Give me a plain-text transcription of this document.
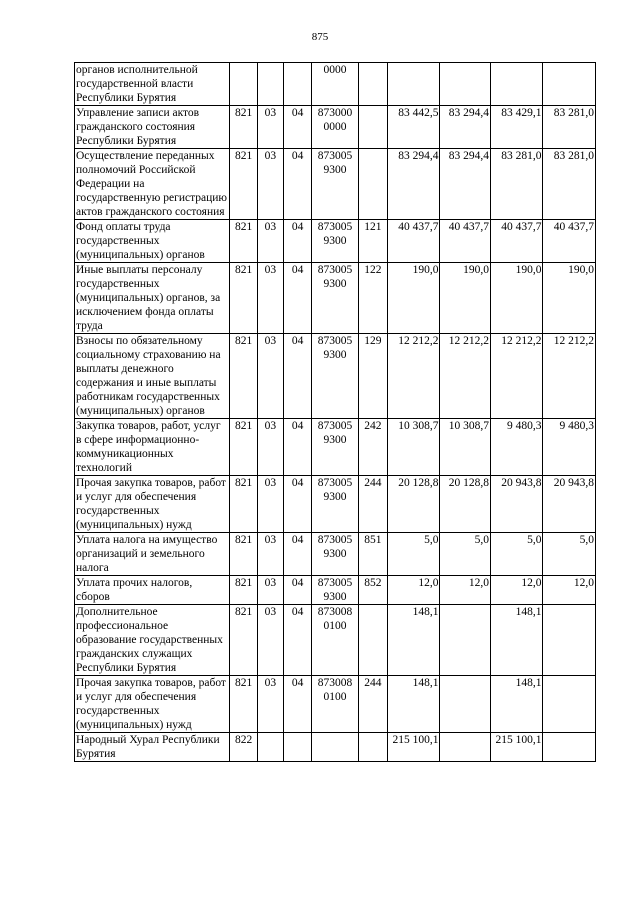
875
органов исполнительной государственной власти Республики Бурятия				0000					
Управление записи актов гражданского состояния Республики Бурятия	821	03	04	873000 0000		83 442,5	83 294,4	83 429,1	83 281,0
Осуществление переданных полномочий Российской Федерации на государственную регистрацию актов гражданского состояния	821	03	04	873005 9300		83 294,4	83 294,4	83 281,0	83 281,0
Фонд оплаты труда государственных (муниципальных) органов	821	03	04	873005 9300	121	40 437,7	40 437,7	40 437,7	40 437,7
Иные выплаты персоналу государственных (муниципальных) органов, за исключением фонда оплаты труда	821	03	04	873005 9300	122	190,0	190,0	190,0	190,0
Взносы по обязательному социальному страхованию на выплаты денежного содержания и иные выплаты работникам государственных (муниципальных) органов	821	03	04	873005 9300	129	12 212,2	12 212,2	12 212,2	12 212,2
Закупка товаров, работ, услуг в сфере информационно-коммуникационных технологий	821	03	04	873005 9300	242	10 308,7	10 308,7	9 480,3	9 480,3
Прочая закупка товаров, работ и услуг для обеспечения государственных (муниципальных) нужд	821	03	04	873005 9300	244	20 128,8	20 128,8	20 943,8	20 943,8
Уплата налога на имущество организаций и земельного налога	821	03	04	873005 9300	851	5,0	5,0	5,0	5,0
Уплата прочих налогов, сборов	821	03	04	873005 9300	852	12,0	12,0	12,0	12,0
Дополнительное профессиональное образование государственных гражданских служащих Республики Бурятия	821	03	04	873008 0100		148,1		148,1	
Прочая закупка товаров, работ и услуг для обеспечения государственных (муниципальных) нужд	821	03	04	873008 0100	244	148,1		148,1	
Народный Хурал Республики Бурятия	822					215 100,1		215 100,1	
